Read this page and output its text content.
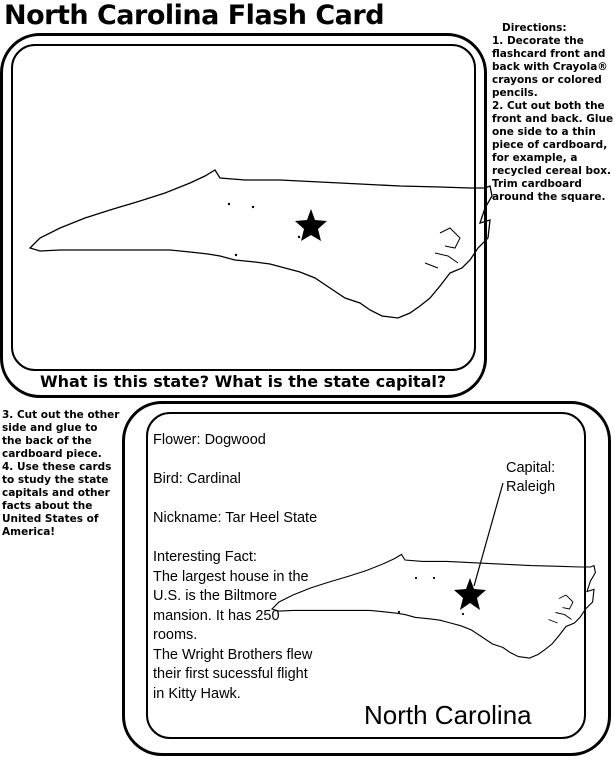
North Carolina Flash Card	Directions:
1. Decorate the flashcard front and back with Crayola® crayons or colored pencils.
2. Cut out both the front and back. Glue one side to a thin piece of cardboard, for example, a recycled cereal box. Trim cardboard around the square.
What is this state? What is the state capital?
3. Cut out the other side and glue to the back of the cardboard piece.
4. Use these cards to study the state capitals and other facts about the United States of America!
Flower: Dogwood
Bird: Cardinal
Nickname: Tar Heel State
Interesting Fact:
The largest house in the U.S. is the Biltmore mansion. It has 250 rooms.
The Wright Brothers flew their first sucessful flight in Kitty Hawk.
Capital:
Raleigh
North Carolina
